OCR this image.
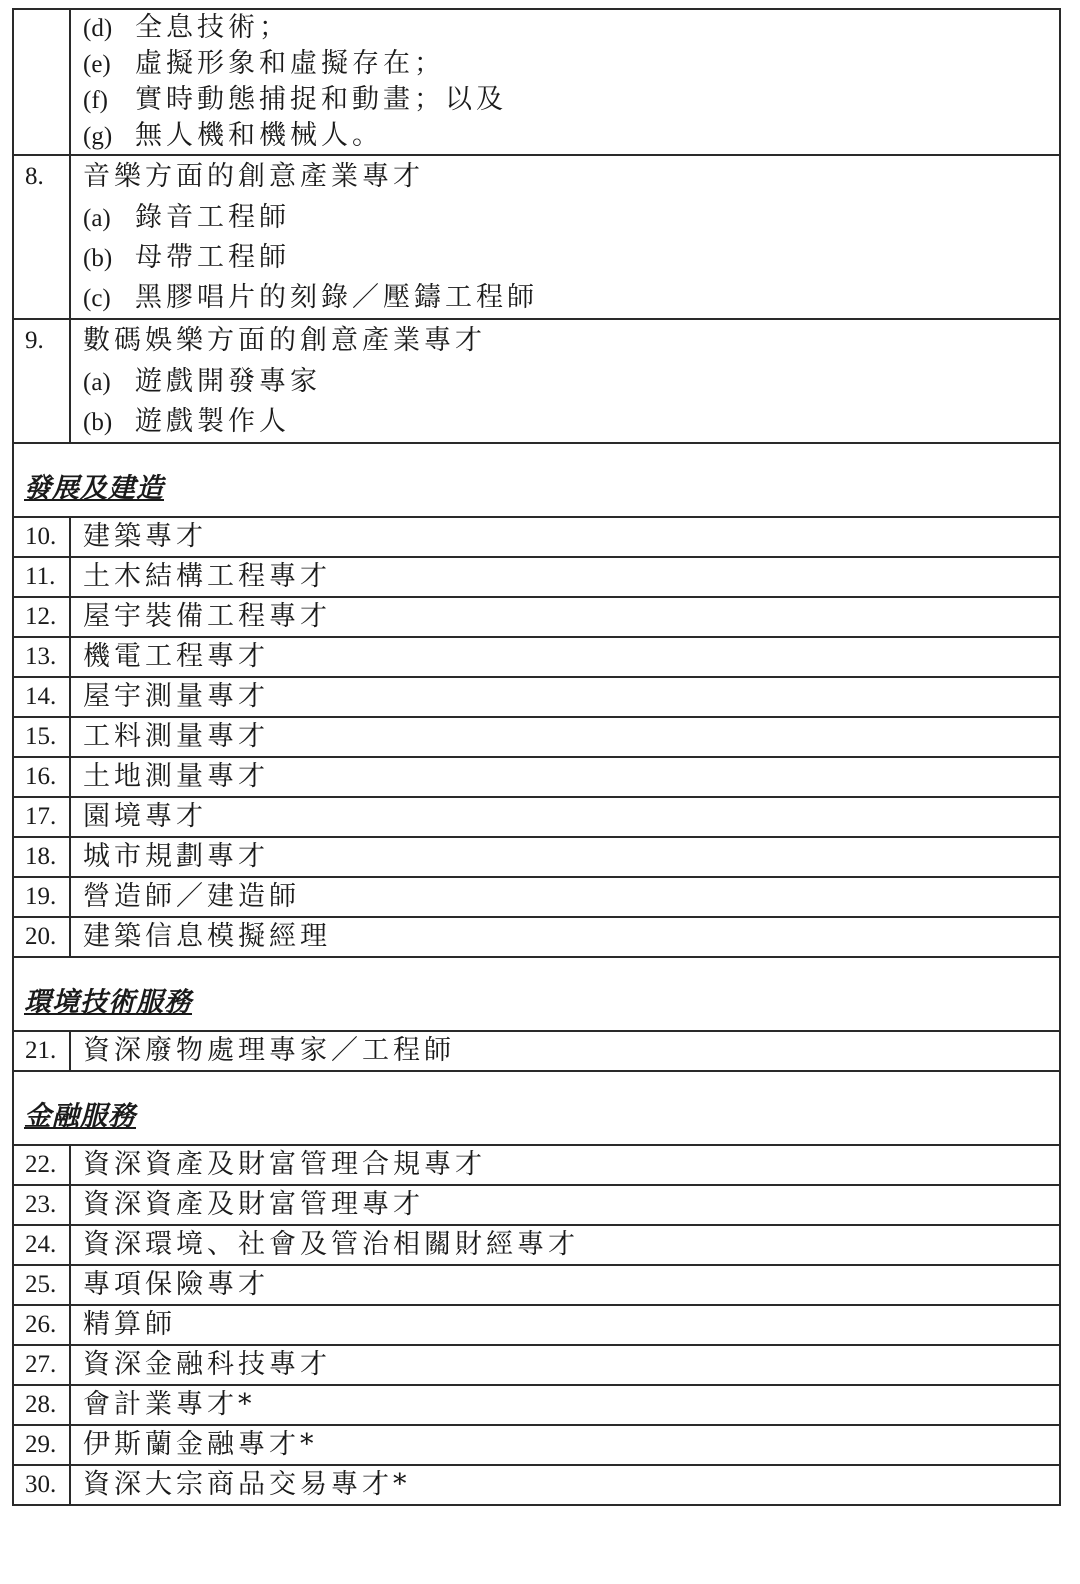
	(d) 全息技術；
(e) 虛擬形象和虛擬存在；
(f) 實時動態捕捉和動畫；以及
(g) 無人機和機械人。

8.	音樂方面的創意產業專才
(a) 錄音工程師
(b) 母帶工程師
(c) 黑膠唱片的刻錄／壓鑄工程師

9.	數碼娛樂方面的創意產業專才
(a) 遊戲開發專家
(b) 遊戲製作人

發展及建造	
10.	建築專才
11.	土木結構工程專才
12.	屋宇裝備工程專才
13.	機電工程專才
14.	屋宇測量專才
15.	工料測量專才
16.	土地測量專才
17.	園境專才
18.	城市規劃專才
19.	營造師／建造師
20.	建築信息模擬經理
環境技術服務	
21.	資深廢物處理專家／工程師
金融服務	
22.	資深資產及財富管理合規專才
23.	資深資產及財富管理專才
24.	資深環境、社會及管治相關財經專才
25.	專項保險專才
26.	精算師
27.	資深金融科技專才
28.	會計業專才*
29.	伊斯蘭金融專才*
30.	資深大宗商品交易專才*
